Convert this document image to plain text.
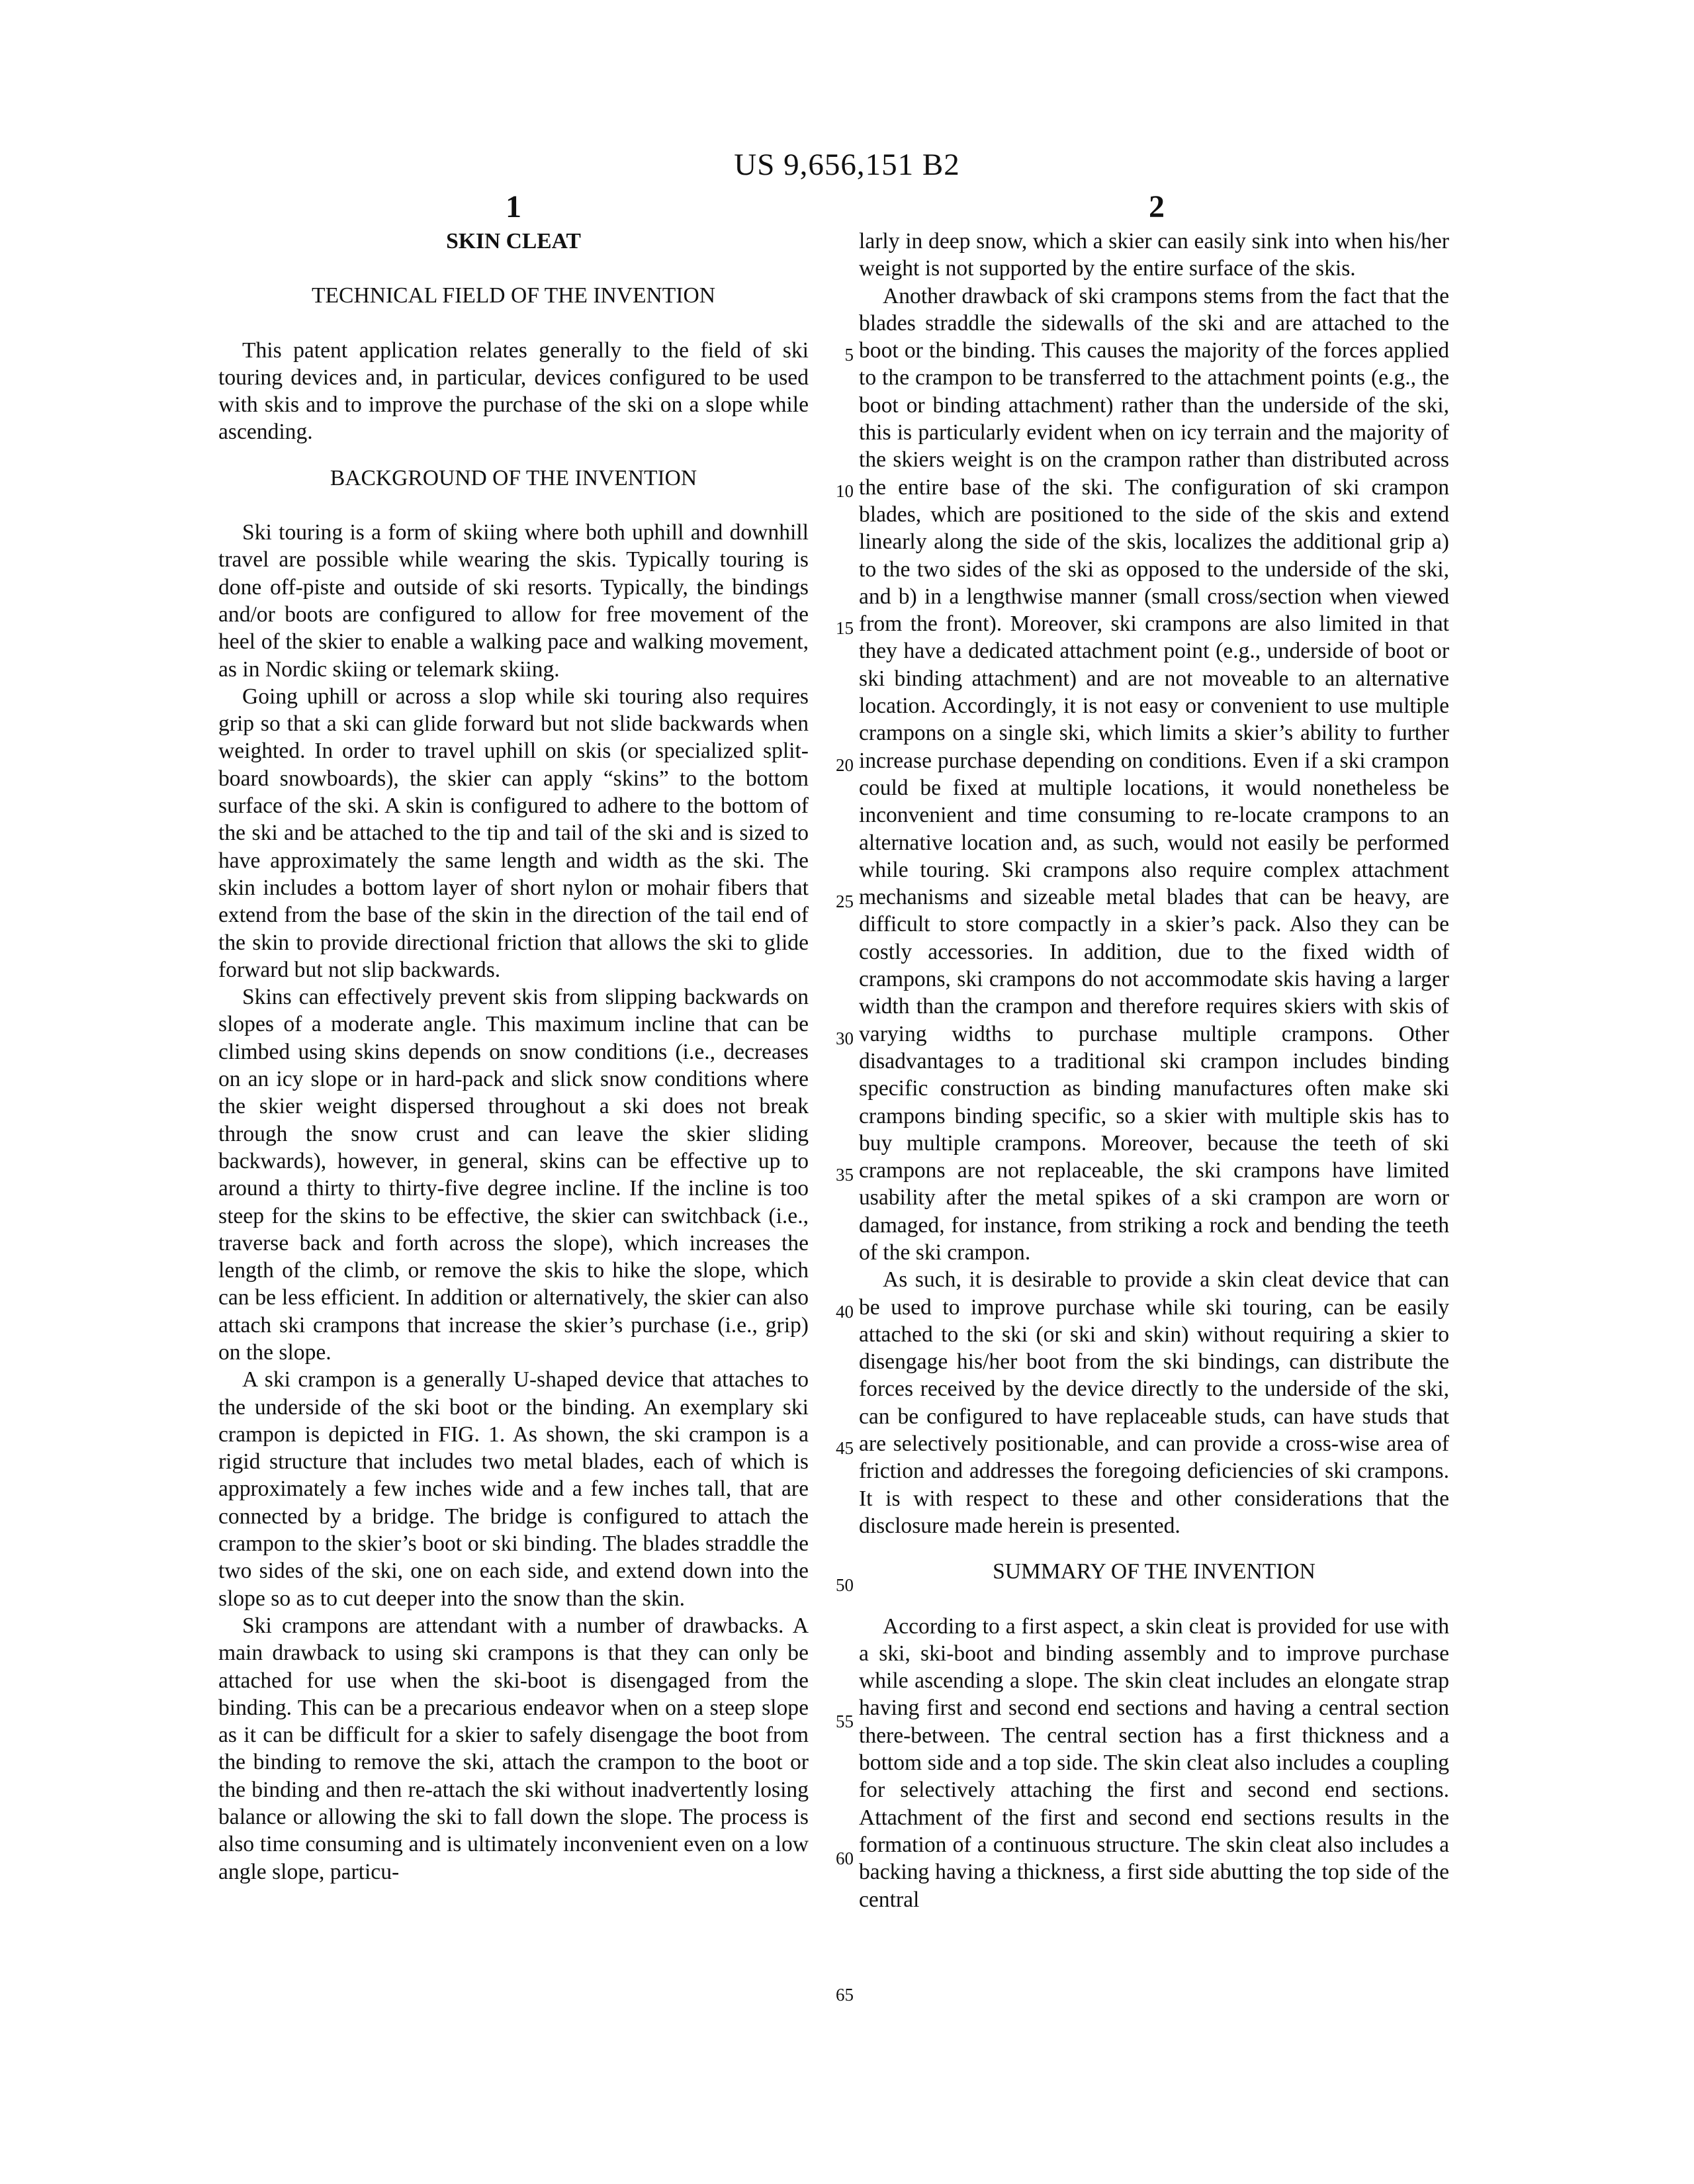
US 9,656,151 B2
1	2
SKIN CLEAT
TECHNICAL FIELD OF THE INVENTION

This patent application relates generally to the field of ski touring devices and, in particular, devices configured to be used with skis and to improve the purchase of the ski on a slope while ascending.

BACKGROUND OF THE INVENTION

Ski touring is a form of skiing where both uphill and downhill travel are possible while wearing the skis. Typically touring is done off-piste and outside of ski resorts. Typically, the bindings and/or boots are configured to allow for free movement of the heel of the skier to enable a walking pace and walking movement, as in Nordic skiing or telemark skiing.

Going uphill or across a slop while ski touring also requires grip so that a ski can glide forward but not slide backwards when weighted. In order to travel uphill on skis (or specialized split-board snowboards), the skier can apply “skins” to the bottom surface of the ski. A skin is configured to adhere to the bottom of the ski and be attached to the tip and tail of the ski and is sized to have approximately the same length and width as the ski. The skin includes a bottom layer of short nylon or mohair fibers that extend from the base of the skin in the direction of the tail end of the skin to provide directional friction that allows the ski to glide forward but not slip backwards.

Skins can effectively prevent skis from slipping backwards on slopes of a moderate angle. This maximum incline that can be climbed using skins depends on snow conditions (i.e., decreases on an icy slope or in hard-pack and slick snow conditions where the skier weight dispersed throughout a ski does not break through the snow crust and can leave the skier sliding backwards), however, in general, skins can be effective up to around a thirty to thirty-five degree incline. If the incline is too steep for the skins to be effective, the skier can switchback (i.e., traverse back and forth across the slope), which increases the length of the climb, or remove the skis to hike the slope, which can be less efficient. In addition or alternatively, the skier can also attach ski crampons that increase the skier’s purchase (i.e., grip) on the slope.

A ski crampon is a generally U-shaped device that attaches to the underside of the ski boot or the binding. An exemplary ski crampon is depicted in FIG. 1. As shown, the ski crampon is a rigid structure that includes two metal blades, each of which is approximately a few inches wide and a few inches tall, that are connected by a bridge. The bridge is configured to attach the crampon to the skier’s boot or ski binding. The blades straddle the two sides of the ski, one on each side, and extend down into the slope so as to cut deeper into the snow than the skin.

Ski crampons are attendant with a number of drawbacks. A main drawback to using ski crampons is that they can only be attached for use when the ski-boot is disengaged from the binding. This can be a precarious endeavor when on a steep slope as it can be difficult for a skier to safely disengage the boot from the binding to remove the ski, attach the crampon to the boot or the binding and then re-attach the ski without inadvertently losing balance or allowing the ski to fall down the slope. The process is also time consuming and is ultimately inconvenient even on a low angle slope, particu-

larly in deep snow, which a skier can easily sink into when his/her weight is not supported by the entire surface of the skis.

Another drawback of ski crampons stems from the fact that the blades straddle the sidewalls of the ski and are attached to the boot or the binding. This causes the majority of the forces applied to the crampon to be transferred to the attachment points (e.g., the boot or binding attachment) rather than the underside of the ski, this is particularly evident when on icy terrain and the majority of the skiers weight is on the crampon rather than distributed across the entire base of the ski. The configuration of ski crampon blades, which are positioned to the side of the skis and extend linearly along the side of the skis, localizes the additional grip a) to the two sides of the ski as opposed to the underside of the ski, and b) in a lengthwise manner (small cross/section when viewed from the front). Moreover, ski crampons are also limited in that they have a dedicated attachment point (e.g., underside of boot or ski binding attachment) and are not moveable to an alternative location. Accordingly, it is not easy or convenient to use multiple crampons on a single ski, which limits a skier’s ability to further increase purchase depending on conditions. Even if a ski crampon could be fixed at multiple locations, it would nonetheless be inconvenient and time consuming to re-locate crampons to an alternative location and, as such, would not easily be performed while touring. Ski crampons also require complex attachment mechanisms and sizeable metal blades that can be heavy, are difficult to store compactly in a skier’s pack. Also they can be costly accessories. In addition, due to the fixed width of crampons, ski crampons do not accommodate skis having a larger width than the crampon and therefore requires skiers with skis of varying widths to purchase multiple crampons. Other disadvantages to a traditional ski crampon includes binding specific construction as binding manufactures often make ski crampons binding specific, so a skier with multiple skis has to buy multiple crampons. Moreover, because the teeth of ski crampons are not replaceable, the ski crampons have limited usability after the metal spikes of a ski crampon are worn or damaged, for instance, from striking a rock and bending the teeth of the ski crampon.

As such, it is desirable to provide a skin cleat device that can be used to improve purchase while ski touring, can be easily attached to the ski (or ski and skin) without requiring a skier to disengage his/her boot from the ski bindings, can distribute the forces received by the device directly to the underside of the ski, can be configured to have replaceable studs, can have studs that are selectively positionable, and can provide a cross-wise area of friction and addresses the foregoing deficiencies of ski crampons. It is with respect to these and other considerations that the disclosure made herein is presented.

SUMMARY OF THE INVENTION

According to a first aspect, a skin cleat is provided for use with a ski, ski-boot and binding assembly and to improve purchase while ascending a slope. The skin cleat includes an elongate strap having first and second end sections and having a central section there-between. The central section has a first thickness and a bottom side and a top side. The skin cleat also includes a coupling for selectively attaching the first and second end sections. Attachment of the first and second end sections results in the formation of a continuous structure. The skin cleat also includes a backing having a thickness, a first side abutting the top side of the central

5
10
15
20
25
30
35
40
45
50
55
60
65
